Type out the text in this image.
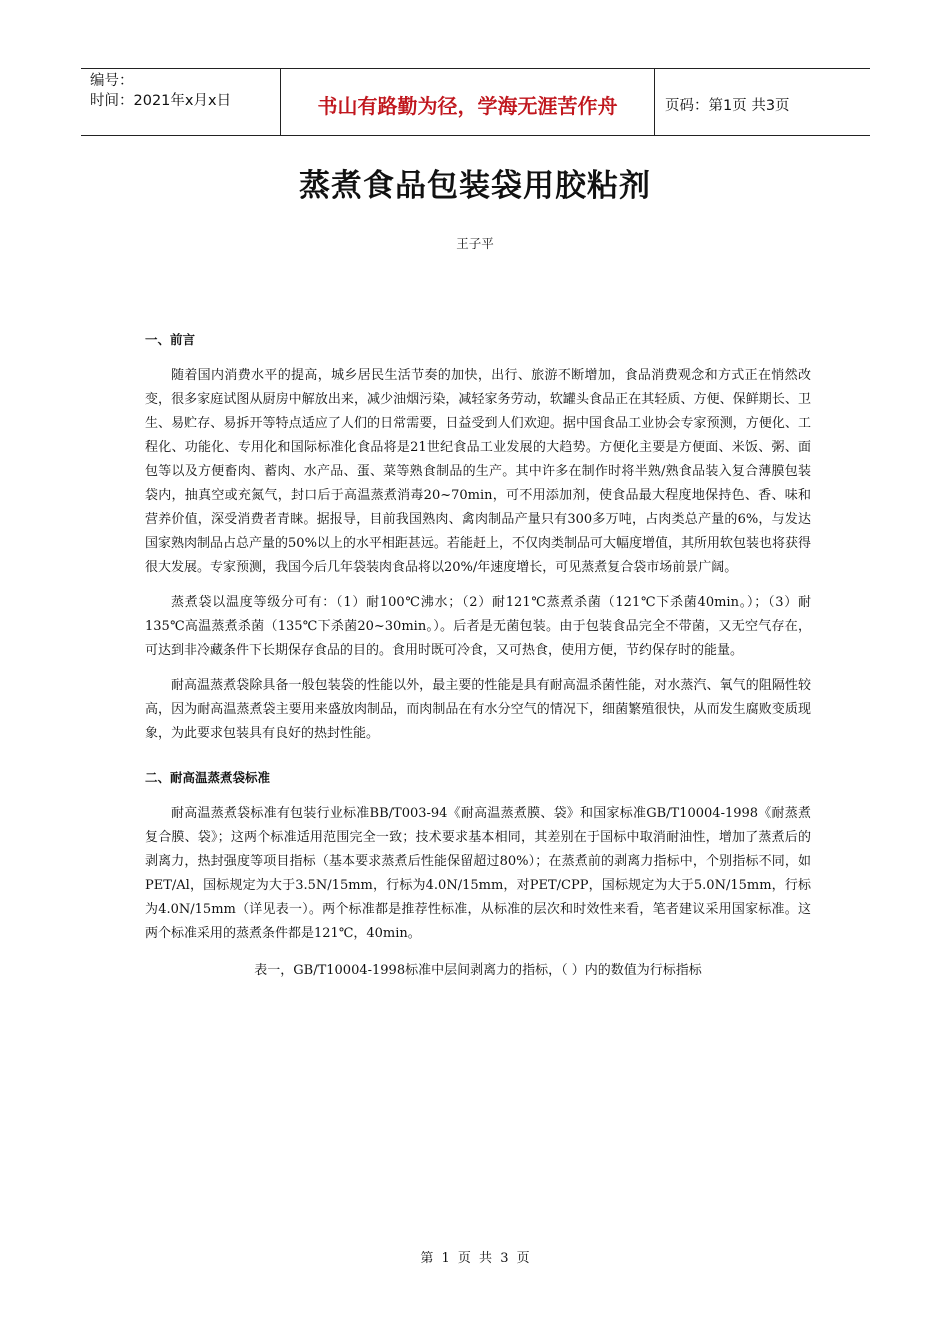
编号：
时间：2021年x月x日	书山有路勤为径，学海无涯苦作舟	页码：第1页 共3页
蒸煮食品包装袋用胶粘剂
王子平
一、前言

随着国内消费水平的提高，城乡居民生活节奏的加快，出行、旅游不断增加，食品消费观念和方式正在悄然改变，很多家庭试图从厨房中解放出来，减少油烟污染，减轻家务劳动，软罐头食品正在其轻质、方便、保鲜期长、卫生、易贮存、易拆开等特点适应了人们的日常需要，日益受到人们欢迎。据中国食品工业协会专家预测，方便化、工程化、功能化、专用化和国际标准化食品将是21世纪食品工业发展的大趋势。方便化主要是方便面、米饭、粥、面包等以及方便畜肉、蓄肉、水产品、蛋、菜等熟食制品的生产。其中许多在制作时将半熟/熟食品装入复合薄膜包装袋内，抽真空或充氮气，封口后于高温蒸煮消毒20~70min，可不用添加剂，使食品最大程度地保持色、香、味和营养价值，深受消费者青睐。据报导，目前我国熟肉、禽肉制品产量只有300多万吨，占肉类总产量的6%，与发达国家熟肉制品占总产量的50%以上的水平相距甚远。若能赶上，不仅肉类制品可大幅度增值，其所用软包装也将获得很大发展。专家预测，我国今后几年袋装肉食品将以20%/年速度增长，可见蒸煮复合袋市场前景广阔。

蒸煮袋以温度等级分可有：（1）耐100℃沸水；（2）耐121℃蒸煮杀菌（121℃下杀菌40min。）；（3）耐135℃高温蒸煮杀菌（135℃下杀菌20~30min。）。后者是无菌包装。由于包装食品完全不带菌，又无空气存在，可达到非冷藏条件下长期保存食品的目的。食用时既可冷食，又可热食，使用方便，节约保存时的能量。

耐高温蒸煮袋除具备一般包装袋的性能以外，最主要的性能是具有耐高温杀菌性能，对水蒸汽、氧气的阻隔性较高，因为耐高温蒸煮袋主要用来盛放肉制品，而肉制品在有水分空气的情况下，细菌繁殖很快，从而发生腐败变质现象，为此要求包装具有良好的热封性能。

二、耐高温蒸煮袋标准

耐高温蒸煮袋标准有包装行业标准BB/T003-94《耐高温蒸煮膜、袋》和国家标准GB/T10004-1998《耐蒸煮复合膜、袋》；这两个标准适用范围完全一致；技术要求基本相同，其差别在于国标中取消耐油性，增加了蒸煮后的剥离力，热封强度等项目指标（基本要求蒸煮后性能保留超过80%）；在蒸煮前的剥离力指标中，个别指标不同，如PET/Al，国标规定为大于3.5N/15mm，行标为4.0N/15mm，对PET/CPP，国标规定为大于5.0N/15mm，行标为4.0N/15mm（详见表一）。两个标准都是推荐性标准，从标准的层次和时效性来看，笔者建议采用国家标准。这两个标准采用的蒸煮条件都是121℃，40min。

表一，GB/T10004-1998标准中层间剥离力的指标，（ ）内的数值为行标指标
第 1 页 共 3 页
